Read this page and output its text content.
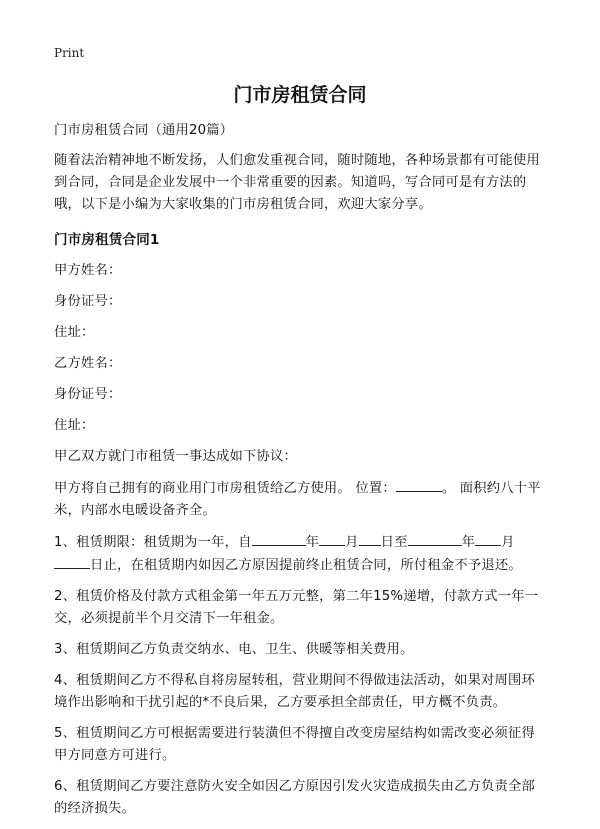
Print
门市房租赁合同

门市房租赁合同（通用20篇）

随着法治精神地不断发扬，人们愈发重视合同，随时随地，各种场景都有可能使用到合同，合同是企业发展中一个非常重要的因素。知道吗，写合同可是有方法的哦，以下是小编为大家收集的门市房租赁合同，欢迎大家分享。

门市房租赁合同1

甲方姓名：

身份证号：

住址：

乙方姓名：

身份证号：

住址：

甲乙双方就门市租赁一事达成如下协议：

甲方将自己拥有的商业用门市房租赁给乙方使用。 位置：	。 面积约八十平米，内部水电暖设备齐全。

1、租赁期限：租赁期为一年，自	年 月 日至	年 月日止，在租赁期内如因乙方原因提前终止租赁合同，所付租金不予退还。

2、租赁价格及付款方式租金第一年五万元整，第二年15%递增，付款方式一年一交，必须提前半个月交清下一年租金。

3、租赁期间乙方负责交纳水、电、卫生、供暖等相关费用。

4、租赁期间乙方不得私自将房屋转租，营业期间不得做违法活动，如果对周围环境作出影响和干扰引起的*不良后果，乙方要承担全部责任，甲方概不负责。

5、租赁期间乙方可根据需要进行装潢但不得擅自改变房屋结构如需改变必须征得甲方同意方可进行。

6、租赁期间乙方要注意防火安全如因乙方原因引发火灾造成损失由乙方负责全部的经济损失。
